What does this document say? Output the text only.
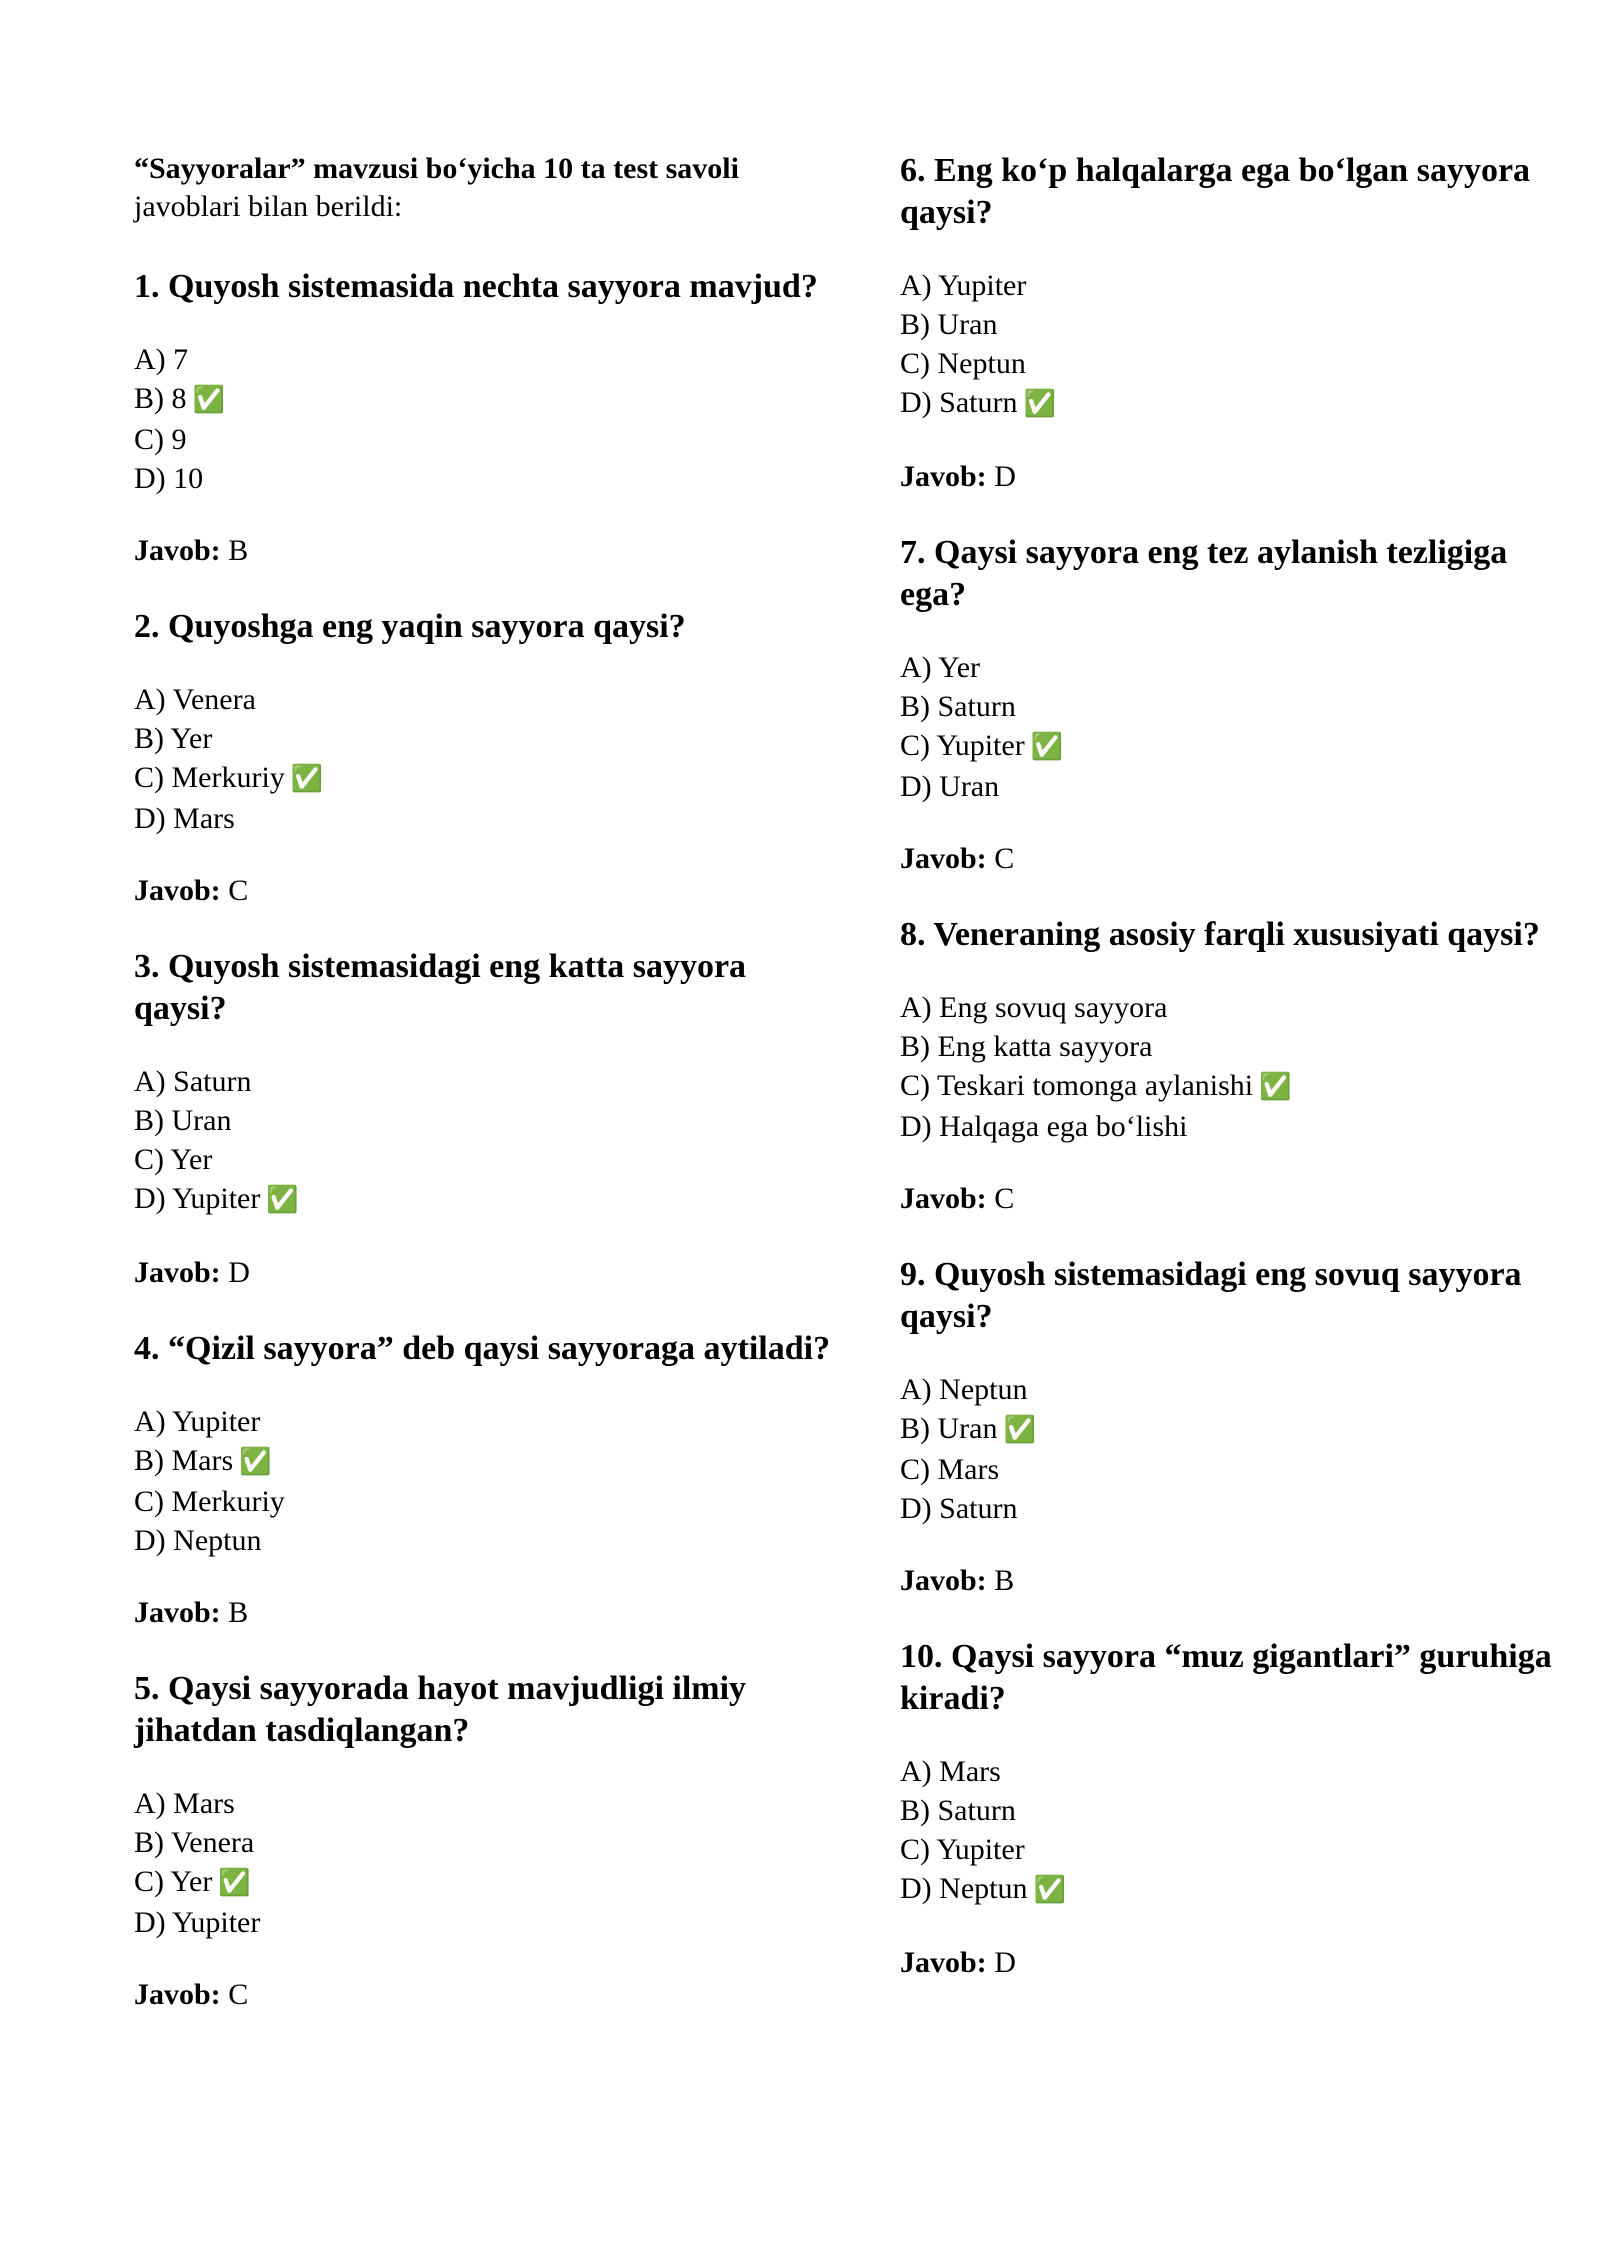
“Sayyoralar” mavzusi bo‘yicha 10 ta test savoli
javoblari bilan berildi:

1. Quyosh sistemasida nechta sayyora mavjud?

A) 7
B) 8 ✅
C) 9
D) 10

Javob: B

2. Quyoshga eng yaqin sayyora qaysi?

A) Venera
B) Yer
C) Merkuriy ✅
D) Mars

Javob: C

3. Quyosh sistemasidagi eng katta sayyora qaysi?

A) Saturn
B) Uran
C) Yer
D) Yupiter ✅

Javob: D

4. “Qizil sayyora” deb qaysi sayyoraga aytiladi?

A) Yupiter
B) Mars ✅
C) Merkuriy
D) Neptun

Javob: B

5. Qaysi sayyorada hayot mavjudligi ilmiy jihatdan tasdiqlangan?

A) Mars
B) Venera
C) Yer ✅
D) Yupiter

Javob: C

6. Eng ko‘p halqalarga ega bo‘lgan sayyora qaysi?

A) Yupiter
B) Uran
C) Neptun
D) Saturn ✅

Javob: D

7. Qaysi sayyora eng tez aylanish tezligiga ega?

A) Yer
B) Saturn
C) Yupiter ✅
D) Uran

Javob: C

8. Veneraning asosiy farqli xususiyati qaysi?

A) Eng sovuq sayyora
B) Eng katta sayyora
C) Teskari tomonga aylanishi ✅
D) Halqaga ega bo‘lishi

Javob: C

9. Quyosh sistemasidagi eng sovuq sayyora qaysi?

A) Neptun
B) Uran ✅
C) Mars
D) Saturn

Javob: B

10. Qaysi sayyora “muz gigantlari” guruhiga kiradi?

A) Mars
B) Saturn
C) Yupiter
D) Neptun ✅

Javob: D
